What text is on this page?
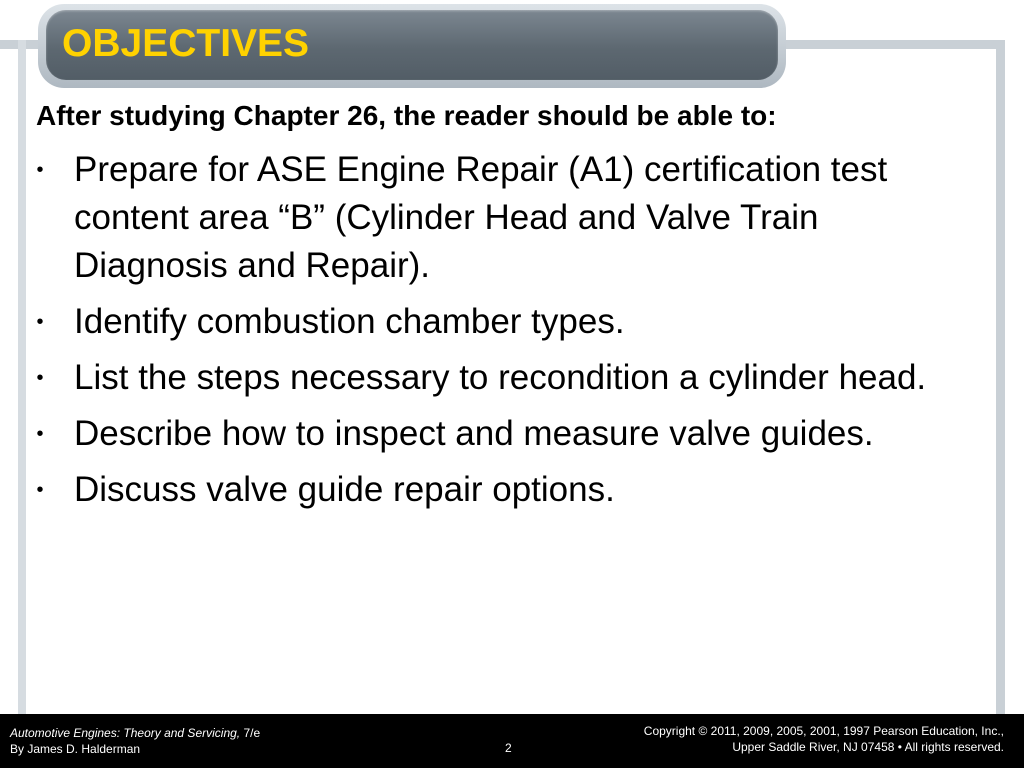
OBJECTIVES

After studying Chapter 26, the reader should be able to:

• Prepare for ASE Engine Repair (A1) certification test content area “B” (Cylinder Head and Valve Train Diagnosis and Repair).
• Identify combustion chamber types.
• List the steps necessary to recondition a cylinder head.
• Describe how to inspect and measure valve guides.
• Discuss valve guide repair options.
Automotive Engines: Theory and Servicing, 7/e
By James D. Halderman	2
Copyright © 2011, 2009, 2005, 2001, 1997 Pearson Education, Inc.,
Upper Saddle River, NJ 07458 • All rights reserved.
